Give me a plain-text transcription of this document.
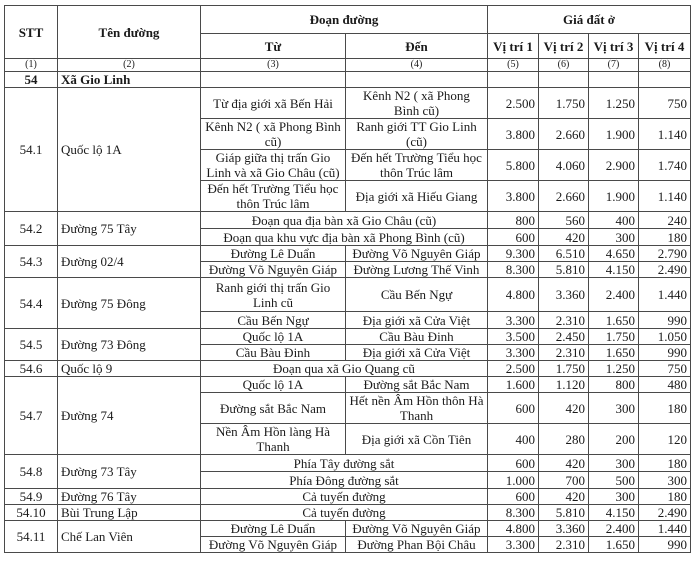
STT	Tên đường	Đoạn đường		Giá đất ở			
		Từ	Đến	Vị trí 1	Vị trí 2	Vị trí 3	Vị trí 4
(1)	(2)	(3)	(4)	(5)	(6)	(7)	(8)
54	Xã Gio Linh						
54.1	Quốc lộ 1A	Từ địa giới xã Bến Hải	Kênh N2 ( xã Phong Bình cũ)	2.500	1.750	1.250	750
		Kênh N2 ( xã Phong Bình cũ)	Ranh giới TT Gio Linh (cũ)	3.800	2.660	1.900	1.140
		Giáp giữa thị trấn Gio Linh và xã Gio Châu (cũ)	Đến hết Trường Tiểu học thôn Trúc lâm	5.800	4.060	2.900	1.740
		Đến hết Trường Tiểu học thôn Trúc lâm	Địa giới xã Hiếu Giang	3.800	2.660	1.900	1.140
54.2	Đường 75 Tây	Đoạn qua địa bàn xã Gio Châu (cũ)		800	560	400	240
		Đoạn qua khu vực địa bàn xã Phong Bình (cũ)		600	420	300	180
54.3	Đường 02/4	Đường Lê Duẩn	Đường Võ Nguyên Giáp	9.300	6.510	4.650	2.790
		Đường Võ Nguyên Giáp	Đường Lương Thế Vinh	8.300	5.810	4.150	2.490
54.4	Đường 75 Đông	Ranh giới thị trấn Gio Linh cũ	Cầu Bến Ngự	4.800	3.360	2.400	1.440
		Cầu Bến Ngự	Địa giới xã Cửa Việt	3.300	2.310	1.650	990
54.5	Đường 73 Đông	Quốc lộ 1A	Cầu Bàu Đinh	3.500	2.450	1.750	1.050
		Cầu Bàu Đinh	Địa giới xã Cửa Việt	3.300	2.310	1.650	990
54.6	Quốc lộ 9	Đoạn qua xã Gio Quang cũ		2.500	1.750	1.250	750
54.7	Đường 74	Quốc lộ 1A	Đường sắt Bắc Nam	1.600	1.120	800	480
		Đường sắt Bắc Nam	Hết nền Âm Hồn thôn Hà Thanh	600	420	300	180
		Nền Âm Hồn làng Hà Thanh	Địa giới xã Cồn Tiên	400	280	200	120
54.8	Đường 73 Tây	Phía Tây đường sắt		600	420	300	180
		Phía Đông đường sắt		1.000	700	500	300
54.9	Đường 76 Tây	Cả tuyến đường		600	420	300	180
54.10	Bùi Trung Lập	Cả tuyến đường		8.300	5.810	4.150	2.490
54.11	Chế Lan Viên	Đường Lê Duẩn	Đường Võ Nguyên Giáp	4.800	3.360	2.400	1.440
		Đường Võ Nguyên Giáp	Đường Phan Bội Châu	3.300	2.310	1.650	990
